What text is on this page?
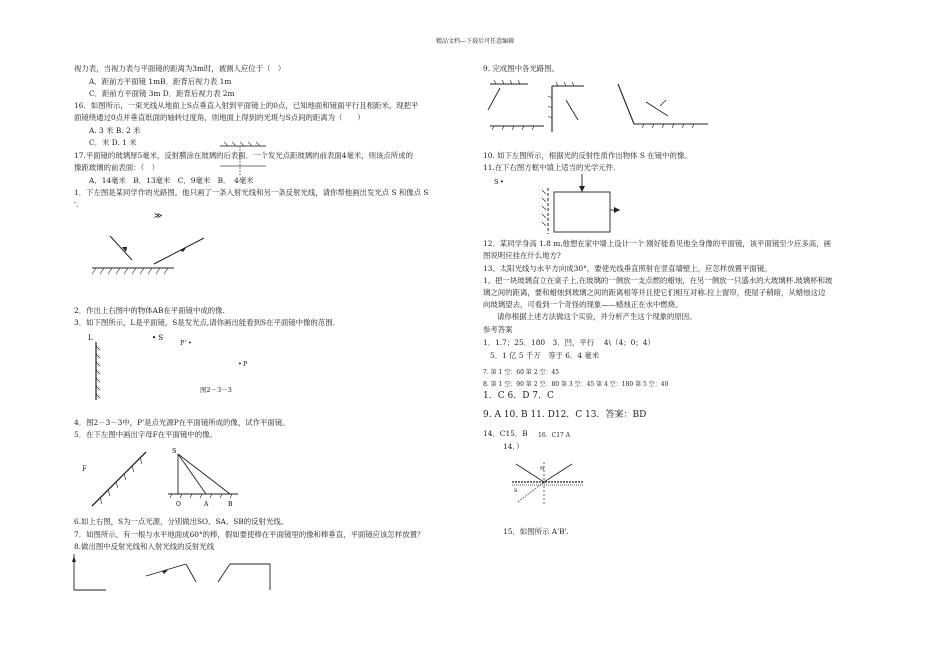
精品文档---下载后可任意编辑
视力表，当视力表与平面镜的距离为3m时，被测人应位于（　）
A．距前方平面镜 1mB．距背后视力表 1m
C．距前方平面镜 3m D．距背后视力表 2m
16．如图所示，一束光线从地面上S点垂直入射到平面镜上的0点，已知地面和镜面平行且相距米。现把平
面镜绕通过0点并垂直纸面的轴转过度角，则地面上得到的光斑与S点间的距离为（　　）
A. 3 米 B. 2 米
C．米 D. 1 米
17.平面镜的玻璃厚5毫米，反射膜涂在玻璃的后表面．一个发光点距玻璃的前表面4毫米，则该点所成的
像距玻璃的前表面：（　）
A．14毫米　B．13毫米　C．9毫米　B．　4毫米
1．下左图是某同学作的光路图，他只画了一条入射光线和另一条反射光线，请你帮他画出发光点 S 和像点 S
'.
2．作出上右图中的物体AB在平面镜中成的像.
3．如下图所示，L是平面镜，S是发光点,请你画出能看到S在平面镜中像的范围.
4．图2－3－3中，P'是点光源P在平面镜所成的像，试作平面镜。
5．在下左图中画出字母F在平面镜中的像。
6.如上右图，S为一点光源，分别做出SO、SA、SB的反射光线。
7．如图所示，有一根与水平地面成60°的棒，假如要使棒在平面镜里的像和棒垂直，平面镜应该怎样放置？
8.做出图中反射光线和入射光线的反射光线
≫
L	• S
P' •
P
•
图2－3－3
F
S
O	A	B
9. 完成图中各光路图。
10. 如下左图所示，根据光的反射性质作出物体 S 在镜中的像。
11.在下右图方框中填上适当的光学元件.
S •
12．某同学身高 1.8 m,他想在家中墙上设计一个 刚好能看见他全身像的平面镜，该平面镜至少应多高，画
图说明应挂在什么地方?
13、太阳光线与水平方向成30°，要使光线垂直照射在竖直墙壁上，应怎样放置平面镜。
1、把一块玻璃直立在桌子上,在玻璃的一侧放一支点燃的蜡烛，在另一侧放一只盛水的大玻璃杯.玻璃杯和玻
璃之间的距离，要和蜡烛到玻璃之间的距离相等并且使它们相互对称.拉上窗帘，使屋子稍暗，从蜡烛这边
向玻璃望去，可看到一个奇怪的现象——蜡烛正在水中燃烧。
请你根据上述方法做这个实验，并分析产生这个现象的原因。
参考答案
1．1.7；25．180　3．凹，平行　 4\（4；0；4）
5．1 亿 5 千万　等于 6．4 毫米
7. 第 1 空：60 第 2 空：45
8. 第 1 空：90 第 2 空：80 第 3 空：45 第 4 空：180 第 5 空：40
1．C 6．D 7．C
9. A 10. B 11. D12．C 13．答案：BD
14．C15．B 16．C17 A
14．）
N
S
15．如图所示 A'B'.
